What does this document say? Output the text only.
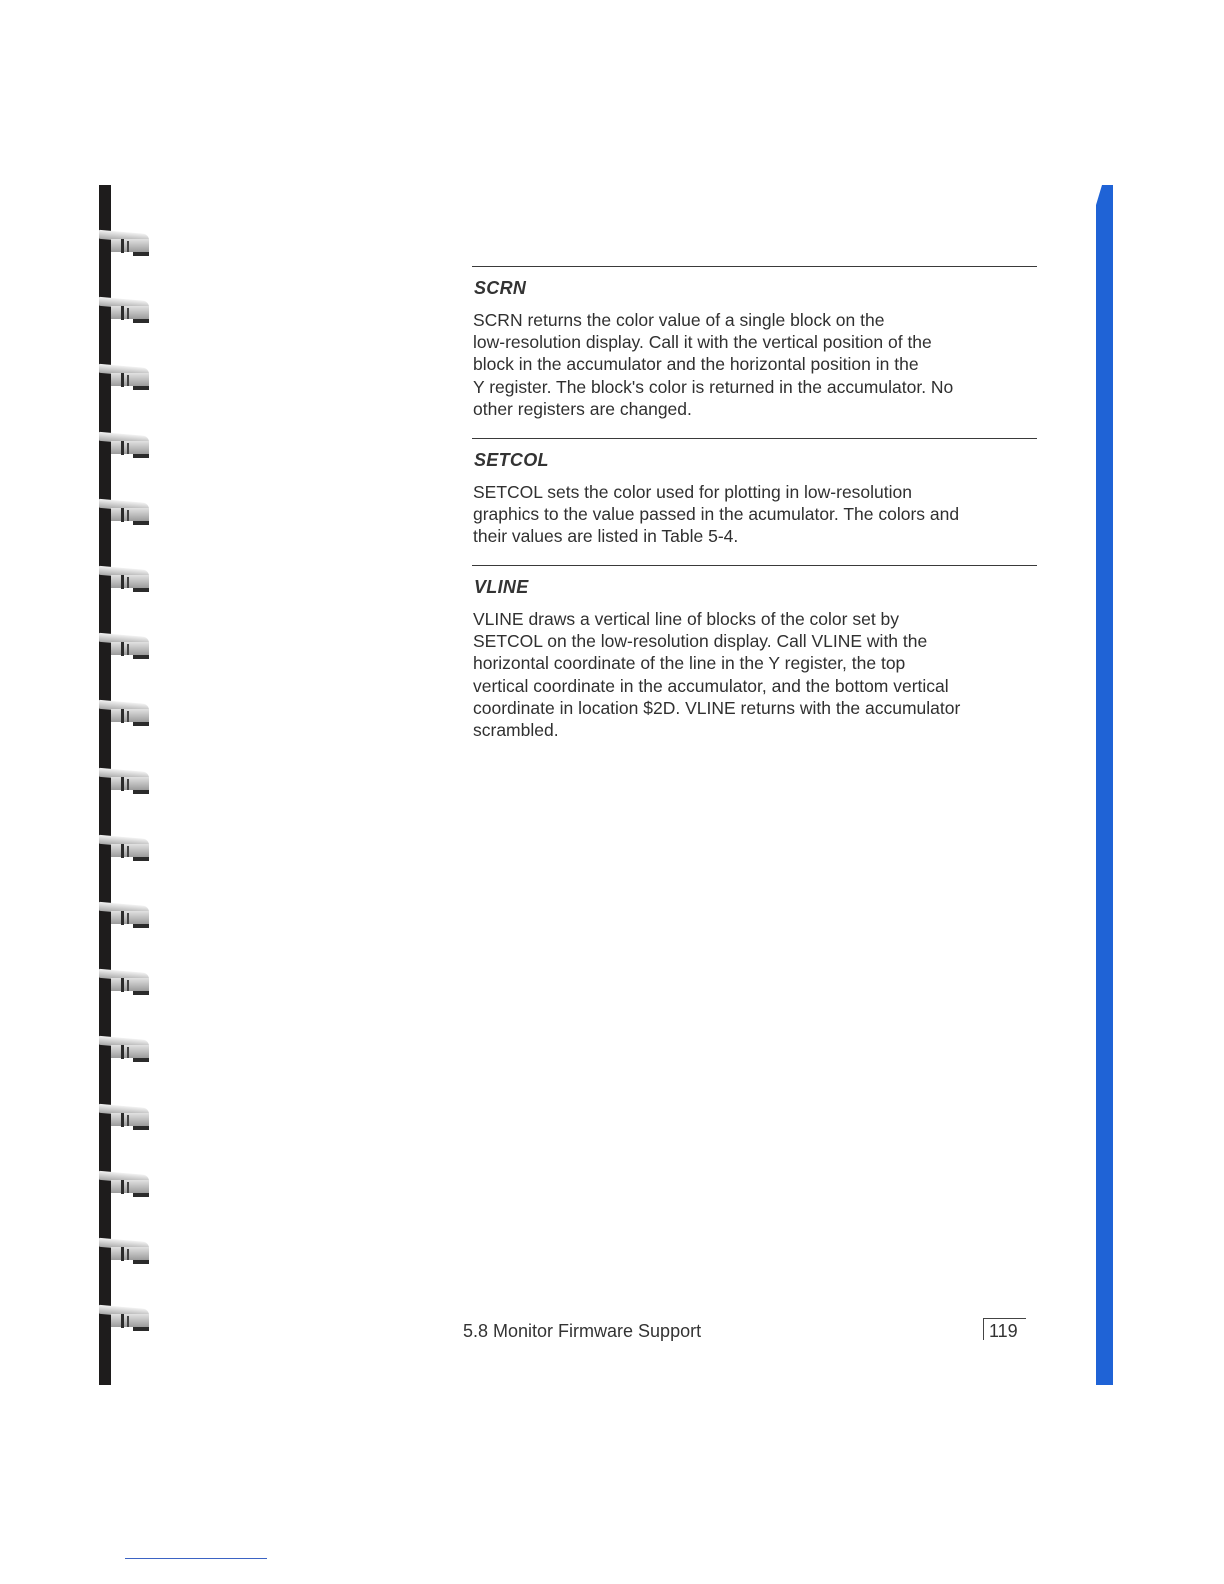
SCRN

SCRN returns the color value of a single block on the
low-resolution display. Call it with the vertical position of the
block in the accumulator and the horizontal position in the
Y register. The block's color is returned in the accumulator. No
other registers are changed.

SETCOL

SETCOL sets the color used for plotting in low-resolution
graphics to the value passed in the acumulator. The colors and
their values are listed in Table 5-4.

VLINE

VLINE draws a vertical line of blocks of the color set by
SETCOL on the low-resolution display. Call VLINE with the
horizontal coordinate of the line in the Y register, the top
vertical coordinate in the accumulator, and the bottom vertical
coordinate in location $2D. VLINE returns with the accumulator
scrambled.

5.8 Monitor Firmware Support	119
